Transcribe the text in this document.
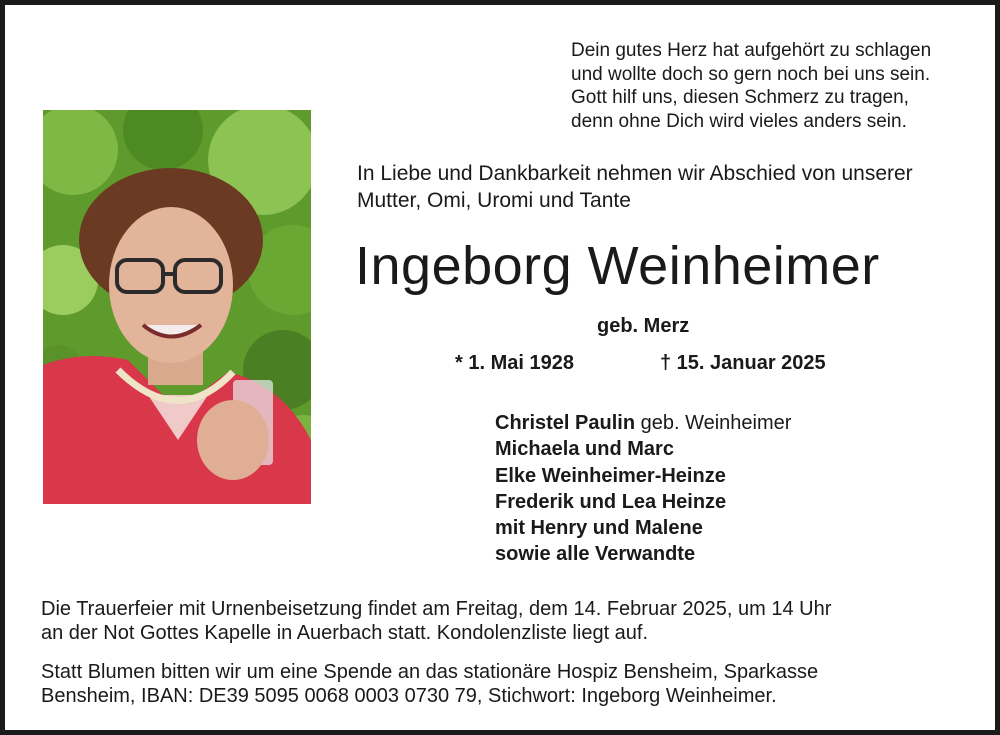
Dein gutes Herz hat aufgehört zu schlagen
und wollte doch so gern noch bei uns sein.
Gott hilf uns, diesen Schmerz zu tragen,
denn ohne Dich wird vieles anders sein.
In Liebe und Dankbarkeit nehmen wir Abschied von unserer
Mutter, Omi, Uromi und Tante
Ingeborg Weinheimer
geb. Merz
* 1. Mai 1928	† 15. Januar 2025
Christel Paulin geb. Weinheimer
Michaela und Marc
Elke Weinheimer-Heinze
Frederik und Lea Heinze
mit Henry und Malene
sowie alle Verwandte
Die Trauerfeier mit Urnenbeisetzung findet am Freitag, dem 14. Februar 2025, um 14 Uhr
an der Not Gottes Kapelle in Auerbach statt. Kondolenzliste liegt auf.
Statt Blumen bitten wir um eine Spende an das stationäre Hospiz Bensheim, Sparkasse
Bensheim, IBAN: DE39 5095 0068 0003 0730 79, Stichwort: Ingeborg Weinheimer.
